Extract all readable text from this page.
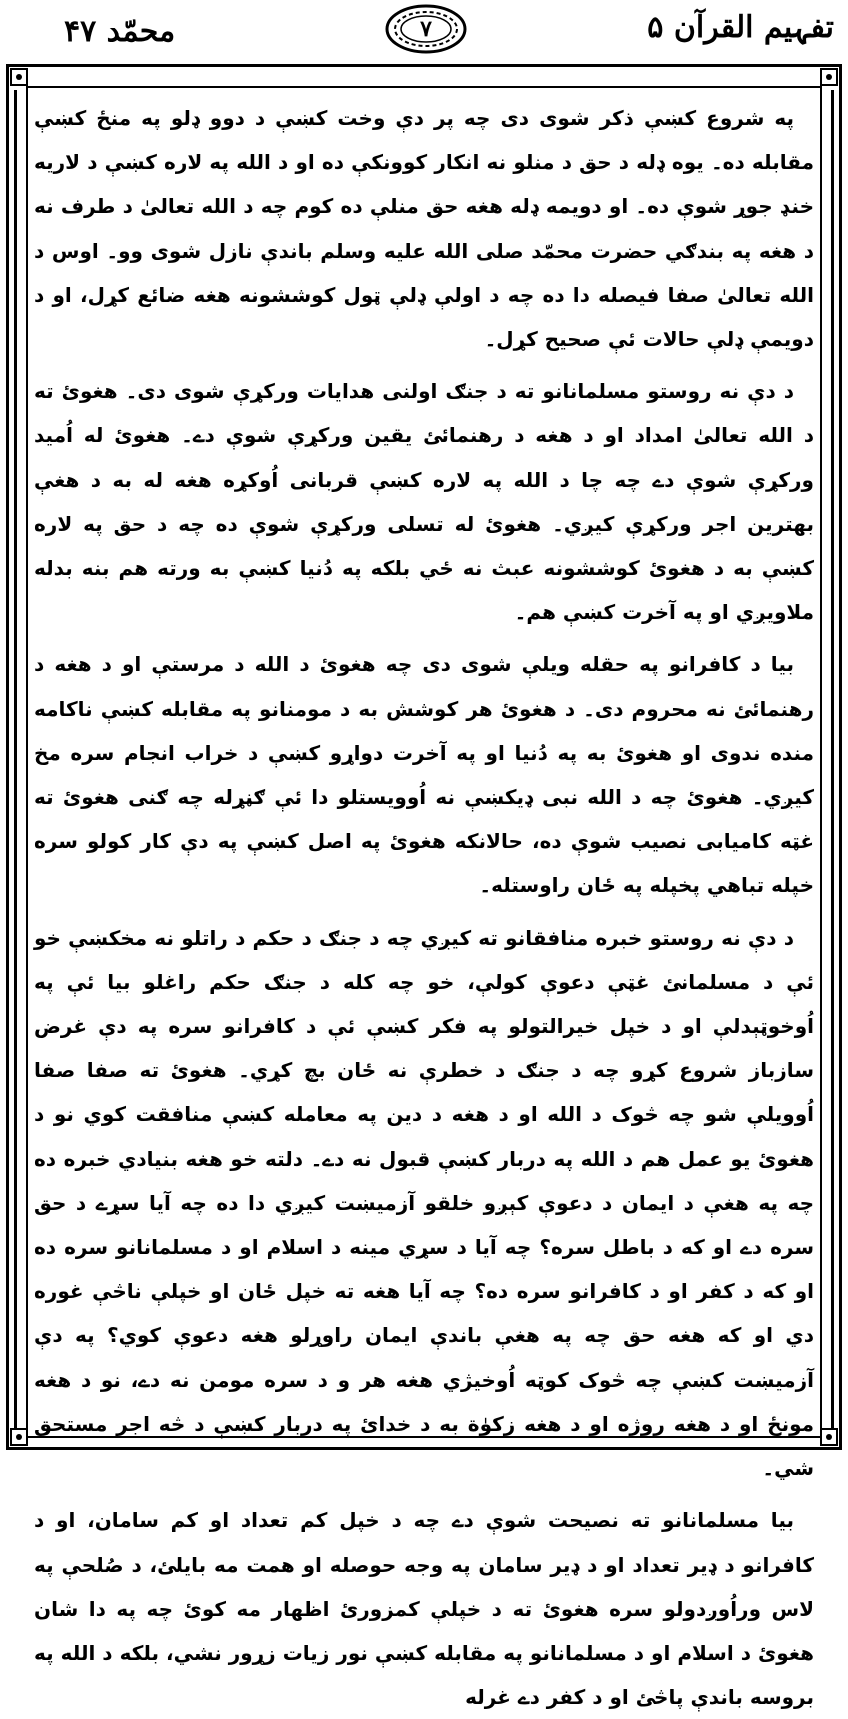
تفہیم القرآن ۵
۷
محمّد ۴۷

په شروع کښې ذکر شوی دی چه پر دې وخت کښې د دوو ډلو په منځ کښې مقابله ده۔ یوه ډله د حق د منلو نه انکار کوونکې ده او د الله په لاره کښې د لاریه خنډ جوړ شوې ده۔ او دویمه ډله هغه حق منلې ده کوم چه د الله تعالیٰ د طرف نه د هغه په بندګي حضرت محمّد صلی الله علیه وسلم باندې نازل شوی وو۔ اوس د الله تعالیٰ صفا فیصله دا ده چه د اولې ډلې ټول کوششونه هغه ضائع کړل، او د دویمې ډلې حالات ئې صحیح کړل۔

د دې نه روستو مسلمانانو ته د جنګ اولنی هدایات ورکړې شوی دی۔ هغوئ ته د الله تعالیٰ امداد او د هغه د رهنمائئ یقین ورکړې شوې دے۔ هغوئ له اُمید ورکړې شوې دے چه چا د الله په لاره کښې قربانی اُوکړه هغه له به د هغې بهترین اجر ورکړې کیږي۔ هغوئ له تسلی ورکړې شوې ده چه د حق په لاره کښې به د هغوئ کوششونه عبث نه ځي بلکه په دُنیا کښې به ورته هم بنه بدله ملاویږي او په آخرت کښې هم۔

بیا د کافرانو په حقله ویلې شوی دی چه هغوئ د الله د مرستې او د هغه د رهنمائئ نه محروم دی۔ د هغوئ هر کوشش به د مومنانو په مقابله کښې ناکامه منده ندوی او هغوئ به په دُنیا او په آخرت دواړو کښې د خراب انجام سره مخ کیږي۔ هغوئ چه د الله نبی ډیکښې نه اُوویستلو دا ئې ګڼړله چه ګنی هغوئ ته غټه کامیابی نصیب شوې ده، حالانکه هغوئ په اصل کښې په دې کار کولو سره خپله تباهي پخپله په ځان راوستله۔

د دې نه روستو خبره منافقانو ته کیږي چه د جنګ د حکم د راتلو نه مخکښې خو ئې د مسلمانئ غټې دعوې کولې، خو چه کله د جنګ حکم راغلو بیا ئې په اُوخوټېدلې او د خپل خیرالتولو په فکر کښې ئې د کافرانو سره په دې غرض سازباز شروع کړو چه د جنګ د خطرې نه ځان بچ کړي۔ هغوئ ته صفا صفا اُوویلې شو چه څوک د الله او د هغه د دین په معامله کښې منافقت کوي نو د هغوئ یو عمل هم د الله په دربار کښې قبول نه دے۔ دلته خو هغه بنیادي خبره ده چه په هغې د ایمان د دعوې کېږو خلقو آزمیښت کیږي دا ده چه آیا سړے د حق سره دے او که د باطل سره؟ چه آیا د سړي مینه د اسلام او د مسلمانانو سره ده او که د کفر او د کافرانو سره ده؟ چه آیا هغه ته خپل ځان او خپلې ناڅې غوره دي او که هغه حق چه په هغې باندې ایمان راوړلو هغه دعوې کوي؟ په دې آزمیښت کښې چه څوک کوټه اُوخیژي هغه هر و د سره مومن نه دے، نو د هغه مونځ او د هغه روژه او د هغه زکوٰة به د خدائ په دربار کښې د څه اجر مستحق شي۔

بیا مسلمانانو ته نصیحت شوې دے چه د خپل کم تعداد او کم سامان، او د کافرانو د ډیر تعداد او د ډیر سامان په وجه حوصله او همت مه بایلئ، د صُلحې په لاس وراُوږدولو سره هغوئ ته د خپلې کمزورئ اظهار مه کوئ چه په دا شان هغوئ د اسلام او د مسلمانانو په مقابله کښې نور زیات زړور نشي، بلکه د الله په بروسه باندې پاڅئ او د کفر دے غرله
